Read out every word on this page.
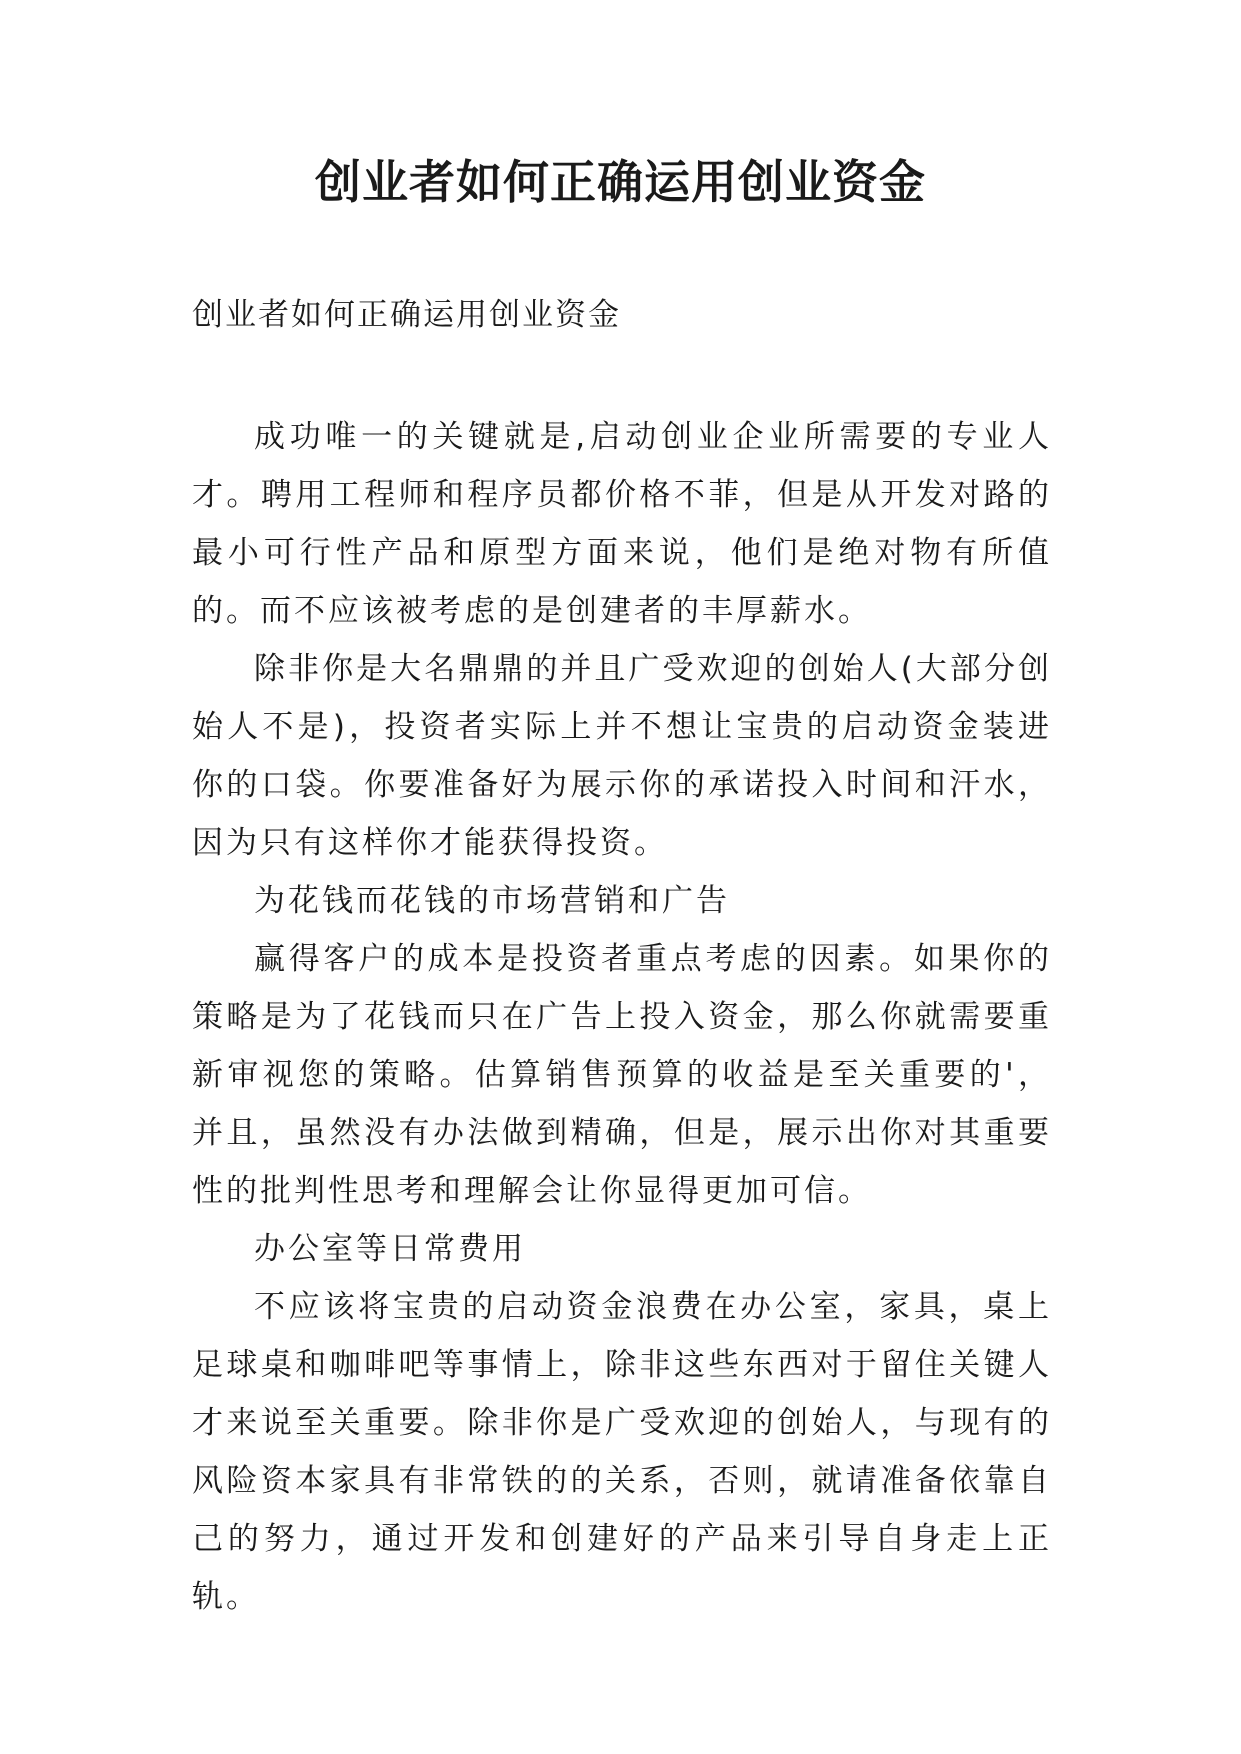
创业者如何正确运用创业资金

创业者如何正确运用创业资金

成功唯一的关键就是,启动创业企业所需要的专业人才。聘用工程师和程序员都价格不菲，但是从开发对路的最小可行性产品和原型方面来说，他们是绝对物有所值的。而不应该被考虑的是创建者的丰厚薪水。

除非你是大名鼎鼎的并且广受欢迎的创始人(大部分创始人不是)，投资者实际上并不想让宝贵的启动资金装进你的口袋。你要准备好为展示你的承诺投入时间和汗水，因为只有这样你才能获得投资。

为花钱而花钱的市场营销和广告

赢得客户的成本是投资者重点考虑的因素。如果你的策略是为了花钱而只在广告上投入资金，那么你就需要重新审视您的策略。估算销售预算的收益是至关重要的'，并且，虽然没有办法做到精确，但是，展示出你对其重要性的批判性思考和理解会让你显得更加可信。

办公室等日常费用

不应该将宝贵的启动资金浪费在办公室，家具，桌上足球桌和咖啡吧等事情上，除非这些东西对于留住关键人才来说至关重要。除非你是广受欢迎的创始人，与现有的风险资本家具有非常铁的的关系，否则，就请准备依靠自己的努力，通过开发和创建好的产品来引导自身走上正轨。
